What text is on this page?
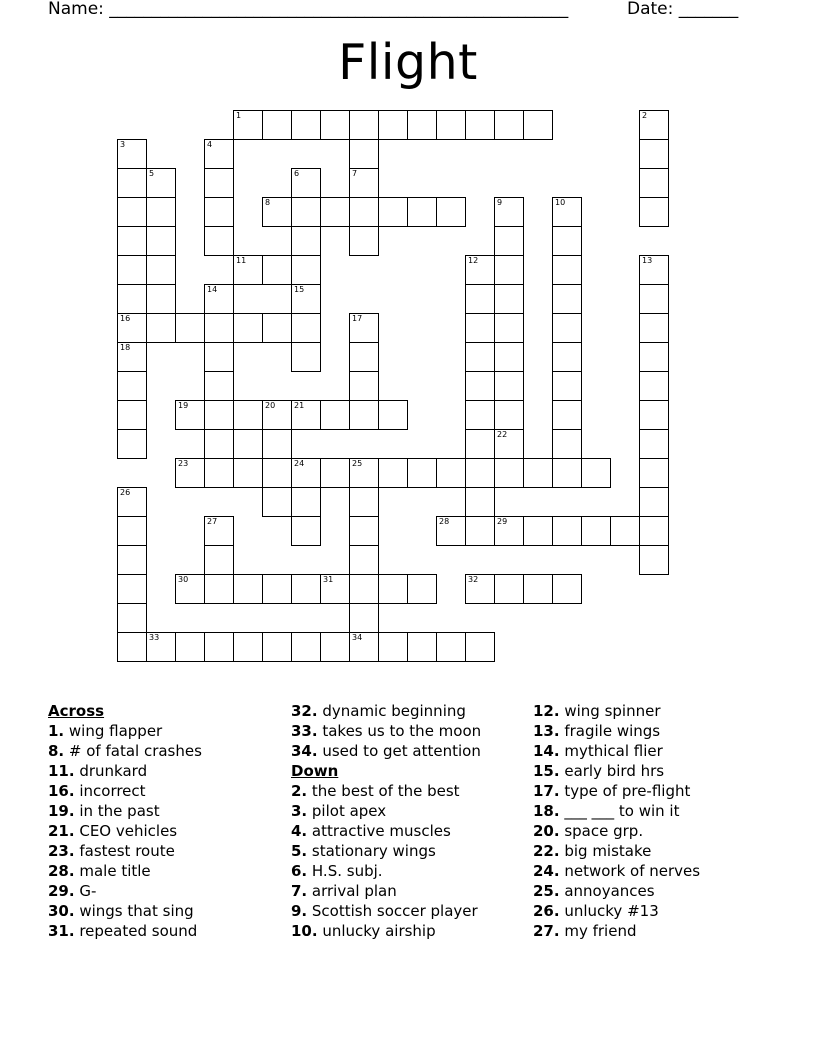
Name: ______________________________________________________	Date: _______
Flight
1	2
3	4
5	6	7
8	9	10
11	12	13
14	15
16	17
18
19	20 21
22
23	24	25
26
27	28	29
30	31	32
33	34
Across
1. wing flapper
8. # of fatal crashes
11. drunkard
16. incorrect
19. in the past
21. CEO vehicles
23. fastest route
28. male title
29. G-
30. wings that sing
31. repeated sound
32. dynamic beginning
33. takes us to the moon
34. used to get attention
Down
2. the best of the best
3. pilot apex
4. attractive muscles
5. stationary wings
6. H.S. subj.
7. arrival plan
9. Scottish soccer player
10. unlucky airship
12. wing spinner
13. fragile wings
14. mythical flier
15. early bird hrs
17. type of pre-flight
18. ___ ___ to win it
20. space grp.
22. big mistake
24. network of nerves
25. annoyances
26. unlucky #13
27. my friend
